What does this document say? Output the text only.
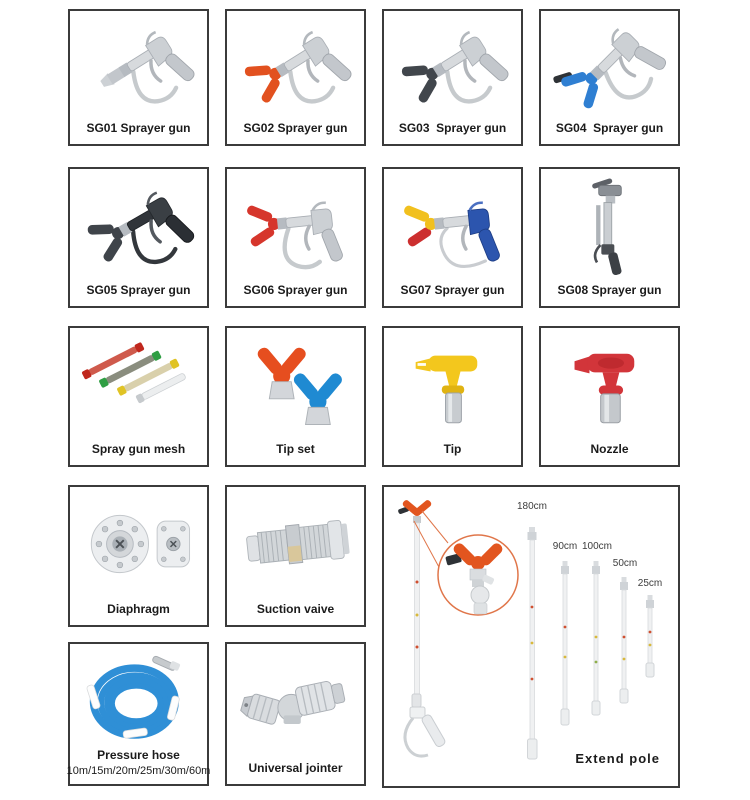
SG01 Sprayer gun	SG02 Sprayer gun	SG03  Sprayer gun	SG04  Sprayer gun
SG05 Sprayer gun	SG06 Sprayer gun	SG07 Sprayer gun	SG08 Sprayer gun
Spray gun mesh	Tip set	Tip	Nozzle
Diaphragm	Suction vaive
Pressure hose
10m/15m/20m/25m/30m/60m	Universal jointer
180cm
90cm 100cm
50cm
25cm
Extend pole
